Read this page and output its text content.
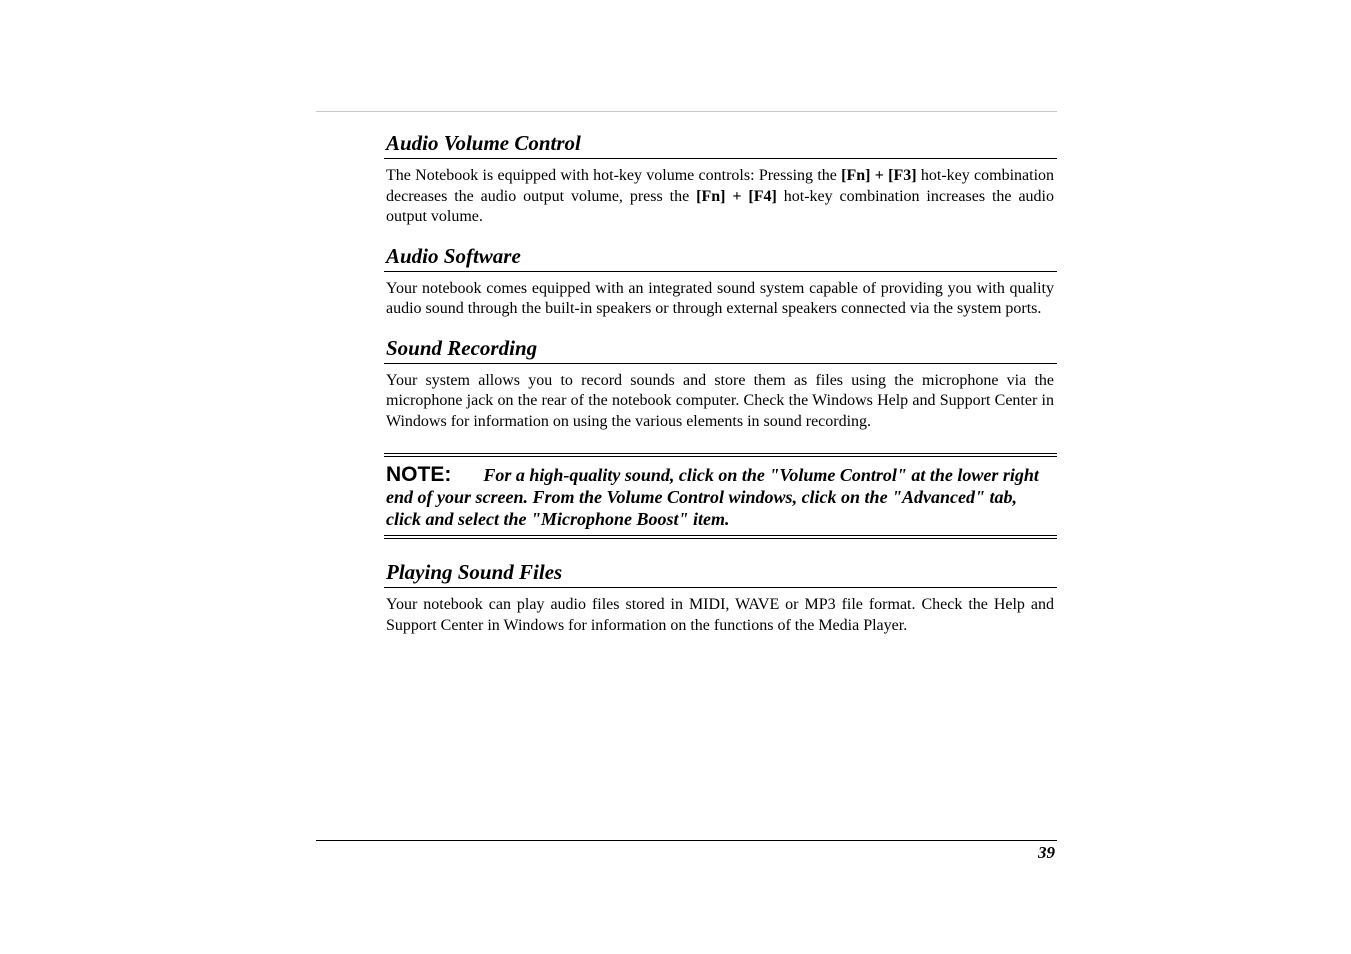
Audio Volume Control
The Notebook is equipped with hot-key volume controls: Pressing the [Fn] + [F3] hot-key combination decreases the audio output volume, press the [Fn] + [F4] hot-key combination increases the audio output volume.
Audio Software
Your notebook comes equipped with an integrated sound system capable of providing you with quality audio sound through the built-in speakers or through external speakers connected via the system ports.
Sound Recording
Your system allows you to record sounds and store them as files using the microphone via the microphone jack on the rear of the notebook computer. Check the Windows Help and Support Center in Windows for information on using the various elements in sound recording.
NOTE: For a high-quality sound, click on the "Volume Control" at the lower right end of your screen. From the Volume Control windows, click on the "Advanced" tab, click and select the "Microphone Boost" item.
Playing Sound Files
Your notebook can play audio files stored in MIDI, WAVE or MP3 file format. Check the Help and Support Center in Windows for information on the functions of the Media Player.
39
